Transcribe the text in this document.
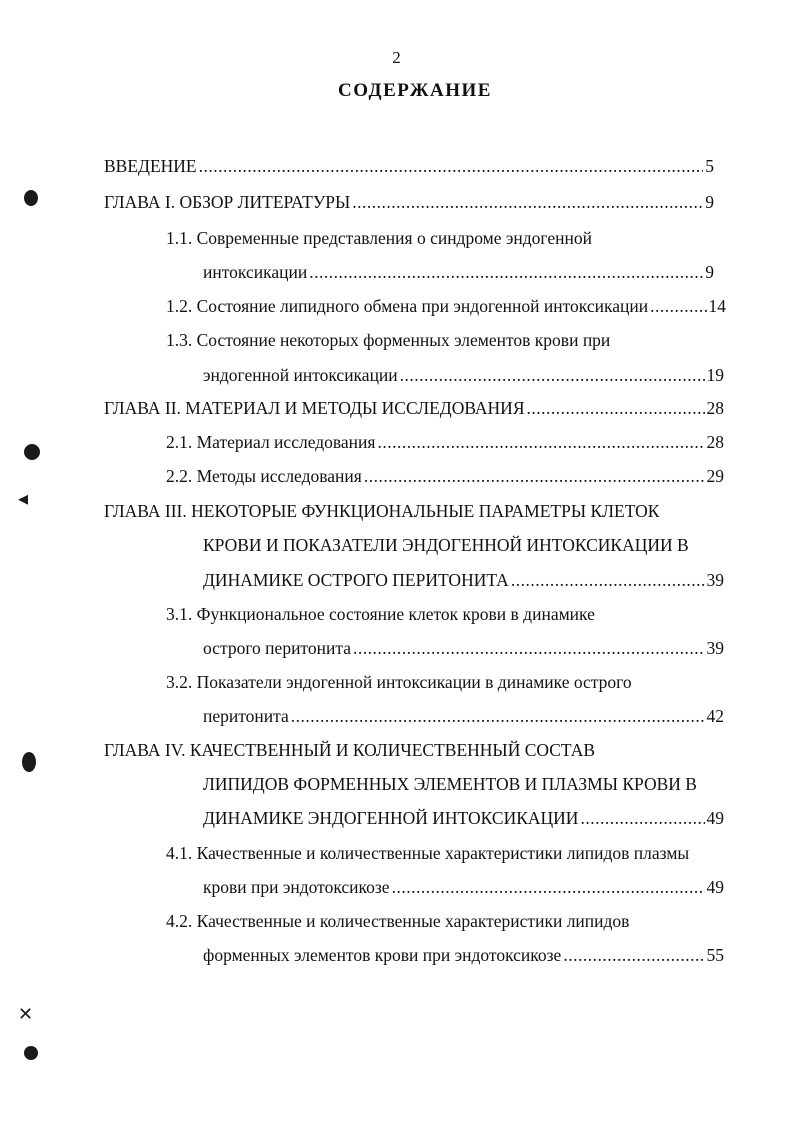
2
СОДЕРЖАНИЕ
ВВЕДЕНИЕ .....	5
ГЛАВА I. ОБЗОР ЛИТЕРАТУРЫ .....	9
1.1. Современные представления о синдроме эндогенной
интоксикации .....	9
1.2. Состояние липидного обмена при эндогенной интоксикации .....	14
1.3. Состояние некоторых форменных элементов крови при
эндогенной интоксикации .....	19
ГЛАВА II. МАТЕРИАЛ И МЕТОДЫ ИССЛЕДОВАНИЯ .....	28
2.1. Материал исследования .....	28
2.2. Методы исследования .....	29
ГЛАВА III. НЕКОТОРЫЕ ФУНКЦИОНАЛЬНЫЕ ПАРАМЕТРЫ КЛЕТОК
КРОВИ И ПОКАЗАТЕЛИ ЭНДОГЕННОЙ ИНТОКСИКАЦИИ В
ДИНАМИКЕ ОСТРОГО ПЕРИТОНИТА .....	39
3.1. Функциональное состояние клеток крови в динамике
острого перитонита .....	39
3.2. Показатели эндогенной интоксикации в динамике острого
перитонита .....	42
ГЛАВА IV. КАЧЕСТВЕННЫЙ И КОЛИЧЕСТВЕННЫЙ СОСТАВ
ЛИПИДОВ ФОРМЕННЫХ ЭЛЕМЕНТОВ И ПЛАЗМЫ КРОВИ В
ДИНАМИКЕ ЭНДОГЕННОЙ ИНТОКСИКАЦИИ .....	49
4.1. Качественные и количественные характеристики липидов плазмы
крови при эндотоксикозе .....	49
4.2. Качественные и количественные характеристики липидов
форменных элементов крови при эндотоксикозе .....	55
◂
✕
